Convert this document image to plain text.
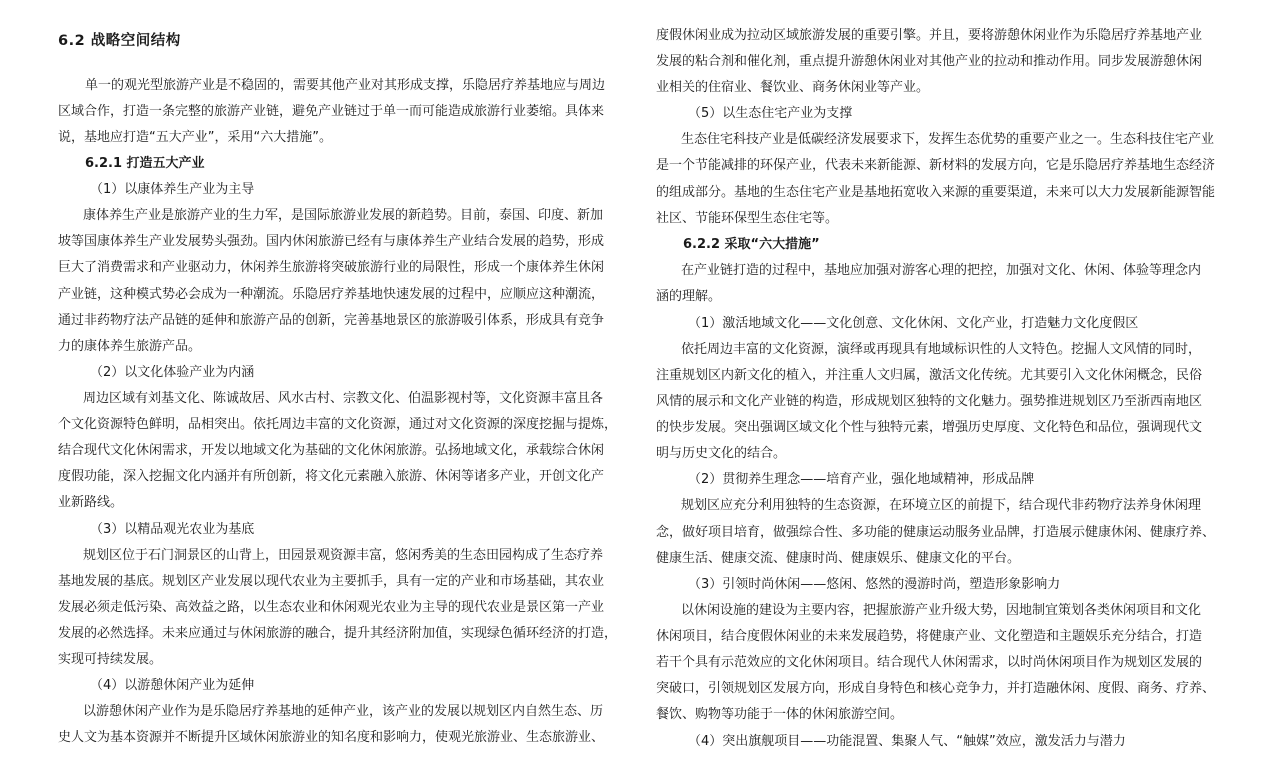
6.2 战略空间结构
单一的观光型旅游产业是不稳固的，需要其他产业对其形成支撑，乐隐居疗养基地应与周边
区域合作，打造一条完整的旅游产业链，避免产业链过于单一而可能造成旅游行业萎缩。具体来
说，基地应打造“五大产业”，采用“六大措施”。
6.2.1 打造五大产业
（1）以康体养生产业为主导
康体养生产业是旅游产业的生力军，是国际旅游业发展的新趋势。目前，泰国、印度、新加
坡等国康体养生产业发展势头强劲。国内休闲旅游已经有与康体养生产业结合发展的趋势，形成
巨大了消费需求和产业驱动力，休闲养生旅游将突破旅游行业的局限性，形成一个康体养生休闲
产业链，这种模式势必会成为一种潮流。乐隐居疗养基地快速发展的过程中，应顺应这种潮流，
通过非药物疗法产品链的延伸和旅游产品的创新，完善基地景区的旅游吸引体系，形成具有竞争
力的康体养生旅游产品。
（2）以文化体验产业为内涵
周边区域有刘基文化、陈诚故居、风水古村、宗教文化、伯温影视村等，文化资源丰富且各
个文化资源特色鲜明，品相突出。依托周边丰富的文化资源，通过对文化资源的深度挖掘与提炼，
结合现代文化休闲需求，开发以地域文化为基础的文化休闲旅游。弘扬地域文化，承载综合休闲
度假功能，深入挖掘文化内涵并有所创新，将文化元素融入旅游、休闲等诸多产业，开创文化产
业新路线。
（3）以精品观光农业为基底
规划区位于石门洞景区的山背上，田园景观资源丰富，悠闲秀美的生态田园构成了生态疗养
基地发展的基底。规划区产业发展以现代农业为主要抓手，具有一定的产业和市场基础，其农业
发展必须走低污染、高效益之路，以生态农业和休闲观光农业为主导的现代农业是景区第一产业
发展的必然选择。未来应通过与休闲旅游的融合，提升其经济附加值，实现绿色循环经济的打造，
实现可持续发展。
（4）以游憩休闲产业为延伸
以游憩休闲产业作为是乐隐居疗养基地的延伸产业，该产业的发展以规划区内自然生态、历
史人文为基本资源并不断提升区域休闲旅游业的知名度和影响力，使观光旅游业、生态旅游业、
度假休闲业成为拉动区域旅游发展的重要引擎。并且，要将游憩休闲业作为乐隐居疗养基地产业
发展的粘合剂和催化剂，重点提升游憩休闲业对其他产业的拉动和推动作用。同步发展游憩休闲
业相关的住宿业、餐饮业、商务休闲业等产业。
（5）以生态住宅产业为支撑
生态住宅科技产业是低碳经济发展要求下，发挥生态优势的重要产业之一。生态科技住宅产业
是一个节能减排的环保产业，代表未来新能源、新材料的发展方向，它是乐隐居疗养基地生态经济
的组成部分。基地的生态住宅产业是基地拓宽收入来源的重要渠道，未来可以大力发展新能源智能
社区、节能环保型生态住宅等。
6.2.2 采取“六大措施”
在产业链打造的过程中，基地应加强对游客心理的把控，加强对文化、休闲、体验等理念内
涵的理解。
（1）激活地域文化——文化创意、文化休闲、文化产业，打造魅力文化度假区
依托周边丰富的文化资源，演绎或再现具有地域标识性的人文特色。挖掘人文风情的同时，
注重规划区内新文化的植入，并注重人文归属，激活文化传统。尤其要引入文化休闲概念，民俗
风情的展示和文化产业链的构造，形成规划区独特的文化魅力。强势推进规划区乃至浙西南地区
的快步发展。突出强调区域文化个性与独特元素，增强历史厚度、文化特色和品位，强调现代文
明与历史文化的结合。
（2）贯彻养生理念——培育产业，强化地域精神，形成品牌
规划区应充分利用独特的生态资源，在环境立区的前提下，结合现代非药物疗法养身休闲理
念，做好项目培育，做强综合性、多功能的健康运动服务业品牌，打造展示健康休闲、健康疗养、
健康生活、健康交流、健康时尚、健康娱乐、健康文化的平台。
（3）引领时尚休闲——悠闲、悠然的漫游时尚，塑造形象影响力
以休闲设施的建设为主要内容，把握旅游产业升级大势，因地制宜策划各类休闲项目和文化
休闲项目，结合度假休闲业的未来发展趋势，将健康产业、文化塑造和主题娱乐充分结合，打造
若干个具有示范效应的文化休闲项目。结合现代人休闲需求，以时尚休闲项目作为规划区发展的
突破口，引领规划区发展方向，形成自身特色和核心竞争力，并打造融休闲、度假、商务、疗养、
餐饮、购物等功能于一体的休闲旅游空间。
（4）突出旗舰项目——功能混置、集聚人气、“触媒”效应，激发活力与潜力
